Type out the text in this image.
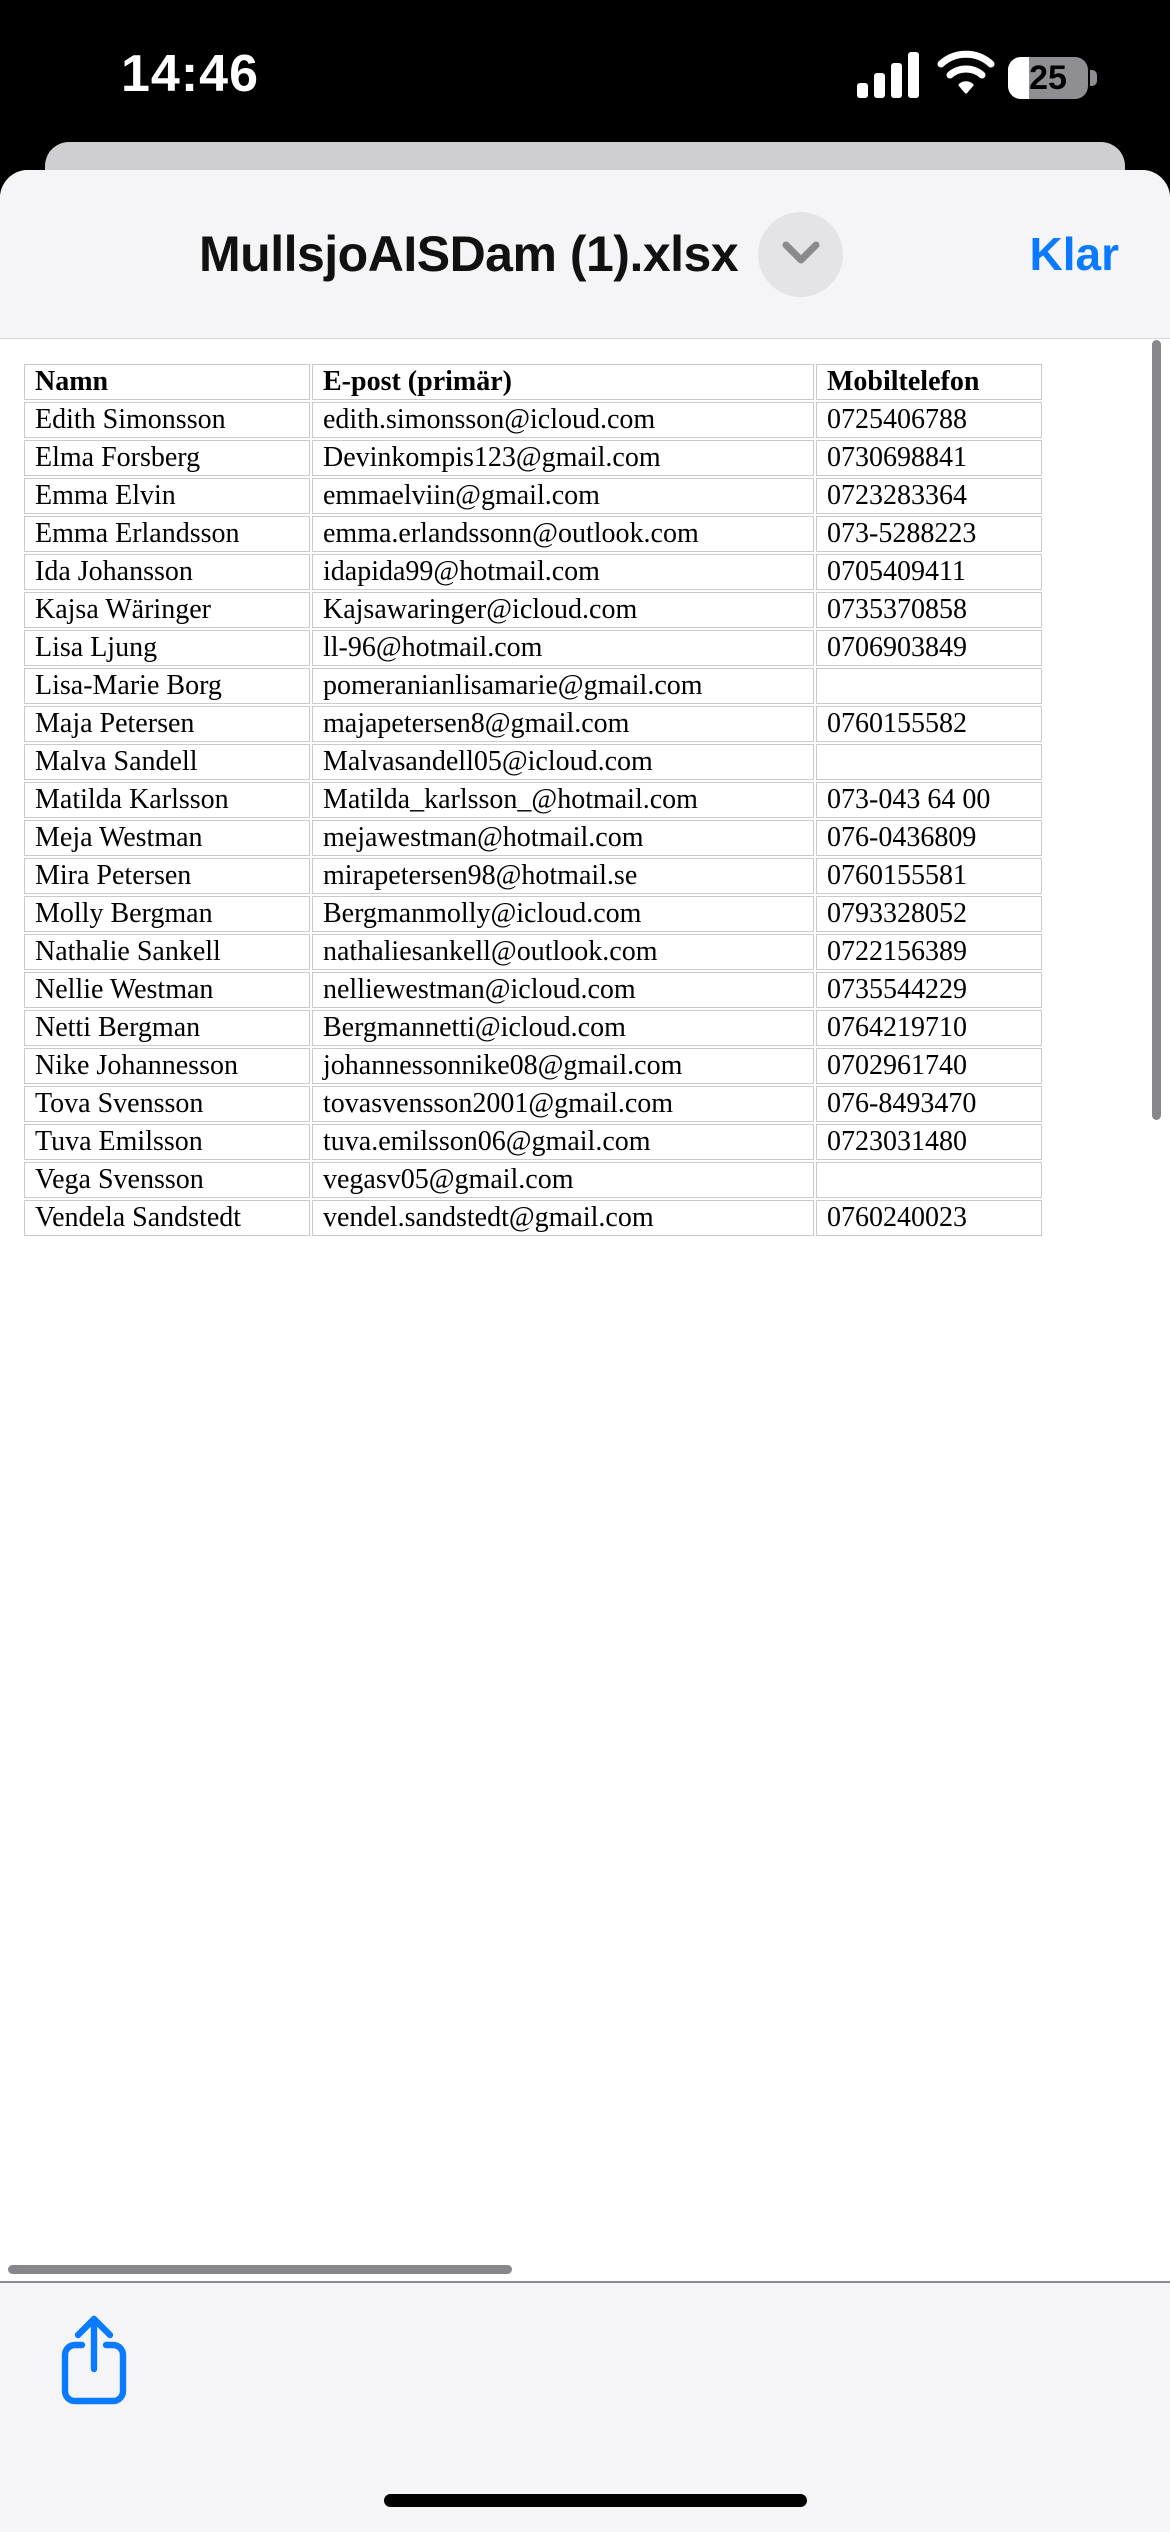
14:46	25
MullsjoAISDam (1).xlsx	Klar
Namn	E-post (primär)	Mobiltelefon
Edith Simonsson	edith.simonsson@icloud.com	0725406788
Elma Forsberg	Devinkompis123@gmail.com	0730698841
Emma Elvin	emmaelviin@gmail.com	0723283364
Emma Erlandsson	emma.erlandssonn@outlook.com	073-5288223
Ida Johansson	idapida99@hotmail.com	0705409411
Kajsa Wäringer	Kajsawaringer@icloud.com	0735370858
Lisa Ljung	ll-96@hotmail.com	0706903849
Lisa-Marie Borg	pomeranianlisamarie@gmail.com	
Maja Petersen	majapetersen8@gmail.com	0760155582
Malva Sandell	Malvasandell05@icloud.com	
Matilda Karlsson	Matilda_karlsson_@hotmail.com	073-043 64 00
Meja Westman	mejawestman@hotmail.com	076-0436809
Mira Petersen	mirapetersen98@hotmail.se	0760155581
Molly Bergman	Bergmanmolly@icloud.com	0793328052
Nathalie Sankell	nathaliesankell@outlook.com	0722156389
Nellie Westman	nelliewestman@icloud.com	0735544229
Netti Bergman	Bergmannetti@icloud.com	0764219710
Nike Johannesson	johannessonnike08@gmail.com	0702961740
Tova Svensson	tovasvensson2001@gmail.com	076-8493470
Tuva Emilsson	tuva.emilsson06@gmail.com	0723031480
Vega Svensson	vegasv05@gmail.com	
Vendela Sandstedt	vendel.sandstedt@gmail.com	0760240023
